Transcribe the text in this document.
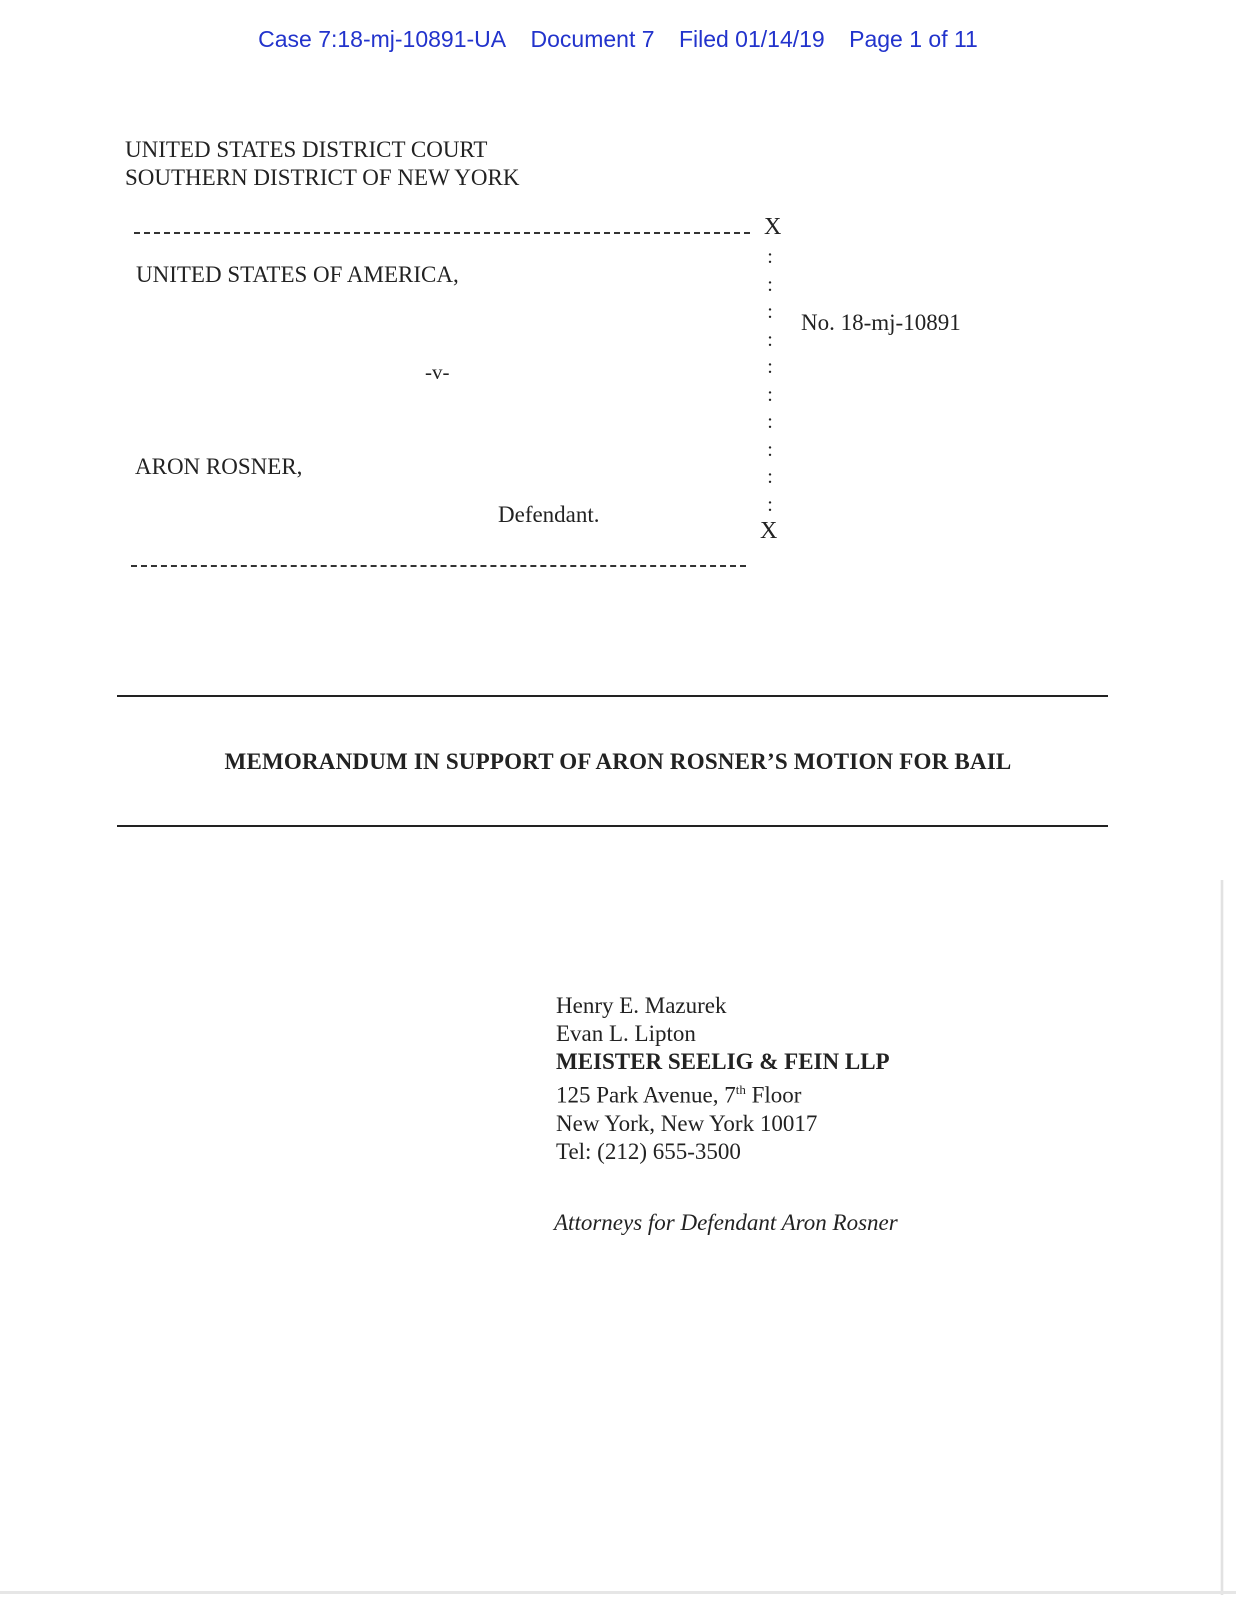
Case 7:18-mj-10891-UA Document 7 Filed 01/14/19 Page 1 of 11
UNITED STATES DISTRICT COURT
SOUTHERN DISTRICT OF NEW YORK
X
UNITED STATES OF AMERICA,
-v-
ARON ROSNER,
Defendant.
:
:
:
:
:
:
:
:
:
:
No. 18-mj-10891
X
MEMORANDUM IN SUPPORT OF ARON ROSNER’S MOTION FOR BAIL
Henry E. Mazurek
Evan L. Lipton
MEISTER SEELIG & FEIN LLP
125 Park Avenue, 7th Floor
New York, New York 10017
Tel: (212) 655-3500
Attorneys for Defendant Aron Rosner
